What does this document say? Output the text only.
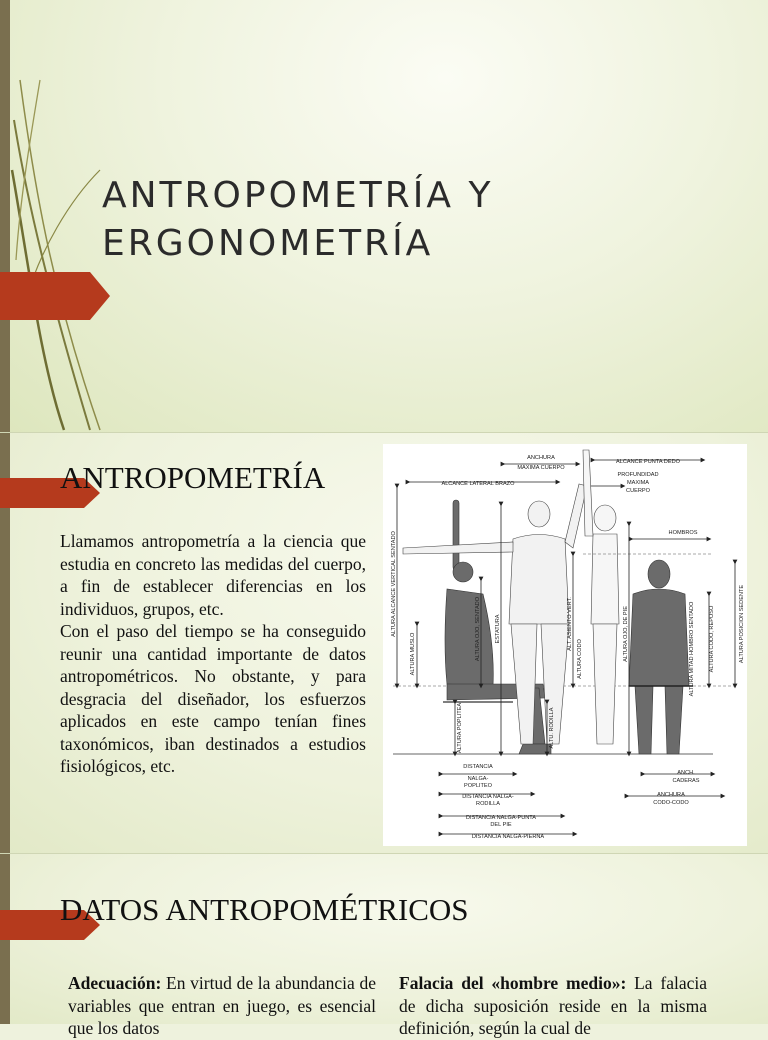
ANTROPOMETRÍA Y
ERGONOMETRÍA
ANTROPOMETRÍA

Llamamos antropometría a la ciencia que estudia en concreto las medidas del cuerpo, a fin de establecer diferencias en los individuos, grupos, etc.

Con el paso del tiempo se ha conseguido reunir una cantidad importante de datos antropométricos. No obstante, y para desgracia del diseñador, los esfuerzos aplicados en este campo tenían fines taxonómicos, iban destinados a estudios fisiológicos, etc.

ANCHURA
MAXIMA CUERPO
ALCANCE PUNTA DEDO
ALCANCE LATERAL BRAZO
PROFUNDIDAD
MAXIMA
CUERPO
HOMBROS
ALTURA ALCANCE VERTICAL SENTADO
ALTURA MUSLO	ALTURA OJO, SENTADO	ESTATURA	ALT. ASIENTO VERT.
ALTURA CODO	ALTURA OJO, DE PIE	ALTURA MITAD HOMBRO SENTADO	ALTURA CODO, REPOSO	ALTURA POSICION SEDENTE
ALTURA POPLITEA	ALTU. RODILLA
DISTANCIA
NALGA-
POPLITEO
DISTANCIA NALGA-
RODILLA
DISTANCIA NALGA-PUNTA
DEL PIE
DISTANCIA NALGA-PIERNA
ANCH.
CADERAS
ANCHURA
CODO-CODO
DATOS ANTROPOMÉTRICOS

Adecuación: En virtud de la abundancia de variables que entran en juego, es esencial que los datos

Falacia del «hombre medio»: La falacia de dicha suposición reside en la misma definición, según la cual de
